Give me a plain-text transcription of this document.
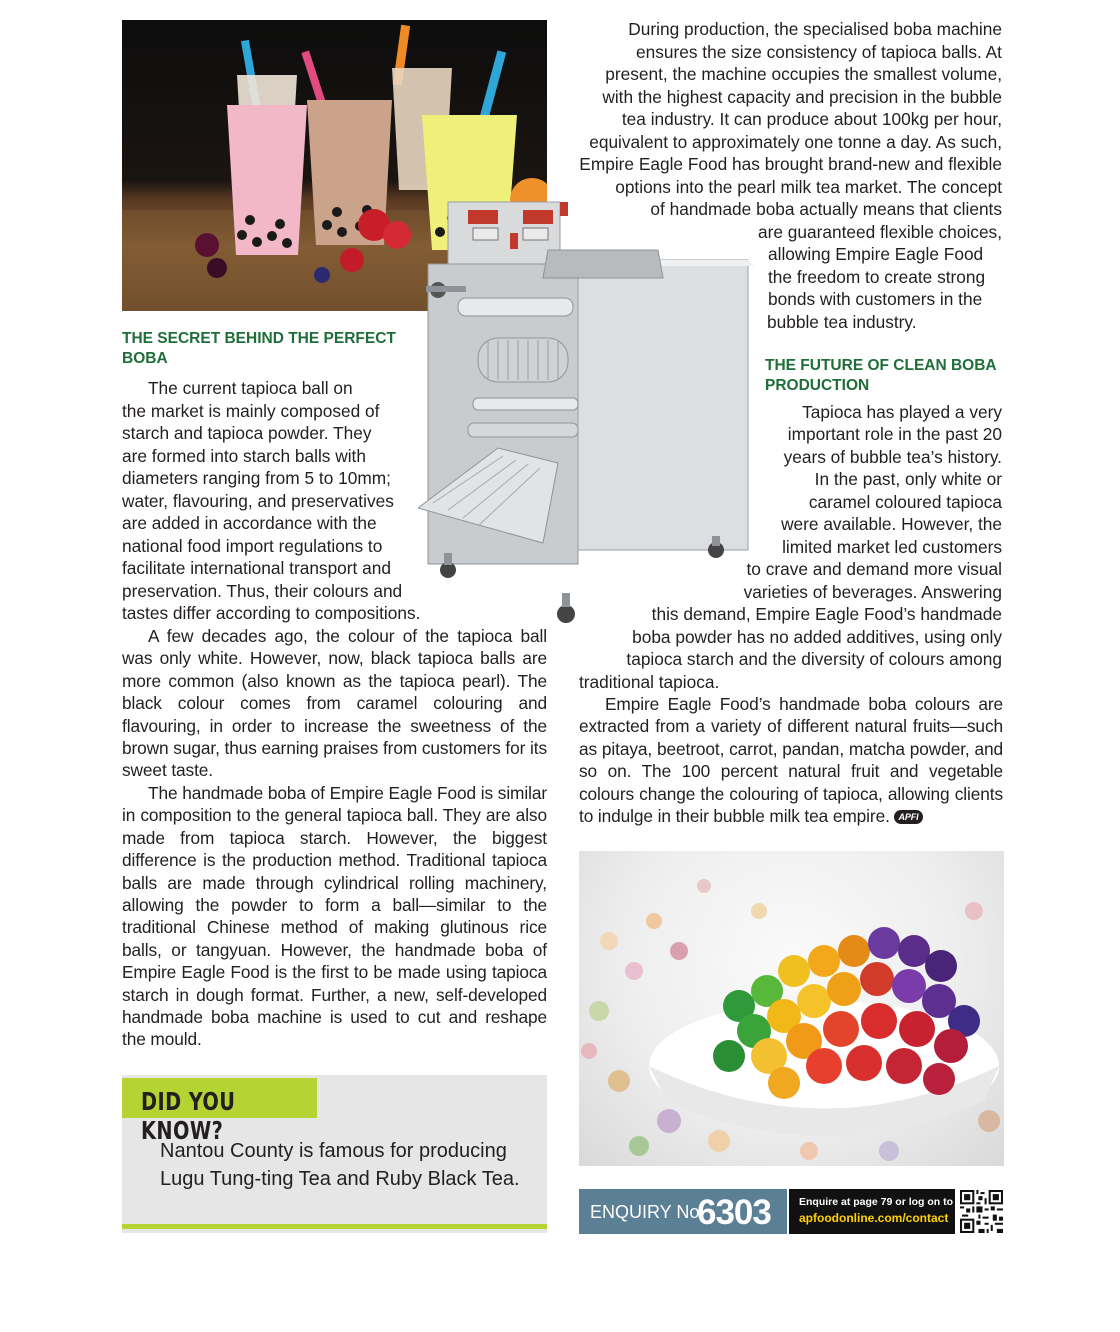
THE SECRET BEHIND THE PERFECT
BOBA
The current tapioca ball on
the market is mainly composed of
starch and tapioca powder. They
are formed into starch balls with
diameters ranging from 5 to 10mm;
water, flavouring, and preservatives
are added in accordance with the
national food import regulations to
facilitate international transport and
preservation. Thus, their colours and
tastes differ according to compositions.

A few decades ago, the colour of the tapioca ball was only white. However, now, black tapioca balls are more common (also known as the tapioca pearl). The black colour comes from caramel colouring and flavouring, in order to increase the sweetness of the brown sugar, thus earning praises from customers for its sweet taste.

The handmade boba of Empire Eagle Food is similar in composition to the general tapioca ball. They are also made from tapioca starch. However, the biggest difference is the production method. Traditional tapioca balls are made through cylindrical rolling machinery, allowing the powder to form a ball—similar to the traditional Chinese method of making glutinous rice balls, or tangyuan. However, the handmade boba of Empire Eagle Food is the first to be made using tapioca starch in dough format. Further, a new, self-developed handmade boba machine is used to cut and reshape the mould.

DID YOU KNOW?
Nantou County is famous for producing Lugu Tung-ting Tea and Ruby Black Tea.
During production, the specialised boba machine
ensures the size consistency of tapioca balls. At
present, the machine occupies the smallest volume,
with the highest capacity and precision in the bubble
tea industry. It can produce about 100kg per hour,
equivalent to approximately one tonne a day. As such,
Empire Eagle Food has brought brand-new and flexible
options into the pearl milk tea market. The concept
of handmade boba actually means that clients
are guaranteed flexible choices,
allowing Empire Eagle Food
the freedom to create strong
bonds with customers in the
bubble tea industry.
THE FUTURE OF CLEAN BOBA
PRODUCTION
Tapioca has played a very
important role in the past 20
years of bubble tea’s history.
In the past, only white or
caramel coloured tapioca
were available. However, the
limited market led customers
to crave and demand more visual
varieties of beverages. Answering
this demand, Empire Eagle Food’s handmade
boba powder has no added additives, using only
tapioca starch and the diversity of colours among
traditional tapioca.

Empire Eagle Food’s handmade boba colours are extracted from a variety of different natural fruits—such as pitaya, beetroot, carrot, pandan, matcha powder, and so on. The 100 percent natural fruit and vegetable colours change the colouring of tapioca, allowing clients to indulge in their bubble milk tea empire. APFI

ENQUIRY No.
6303	Enquire at page 79 or log on to
apfoodonline.com/contact
